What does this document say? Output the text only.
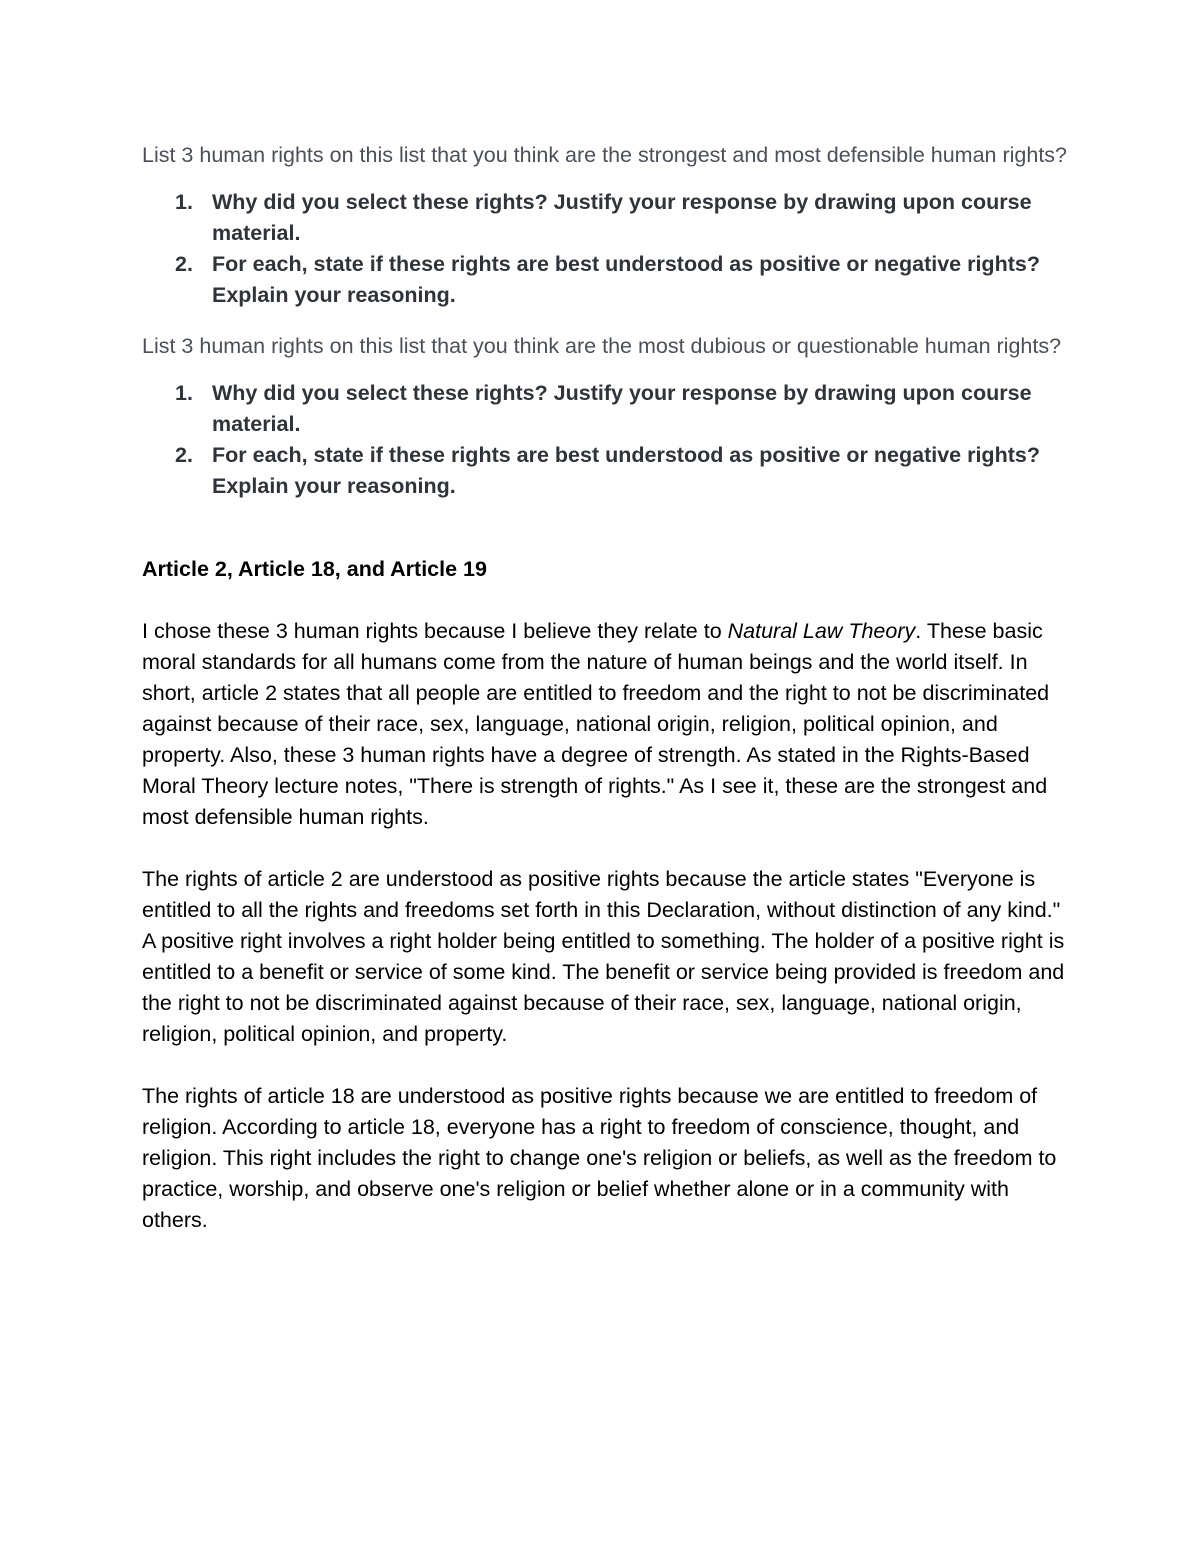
List 3 human rights on this list that you think are the strongest and most defensible human rights?

1. Why did you select these rights? Justify your response by drawing upon course material.
2. For each, state if these rights are best understood as positive or negative rights? Explain your reasoning.

List 3 human rights on this list that you think are the most dubious or questionable human rights?

1. Why did you select these rights? Justify your response by drawing upon course material.
2. For each, state if these rights are best understood as positive or negative rights? Explain your reasoning.

Article 2, Article 18, and Article 19

I chose these 3 human rights because I believe they relate to Natural Law Theory. These basic moral standards for all humans come from the nature of human beings and the world itself. In short, article 2 states that all people are entitled to freedom and the right to not be discriminated against because of their race, sex, language, national origin, religion, political opinion, and property. Also, these 3 human rights have a degree of strength. As stated in the Rights-Based Moral Theory lecture notes, "There is strength of rights." As I see it, these are the strongest and most defensible human rights.

The rights of article 2 are understood as positive rights because the article states "Everyone is entitled to all the rights and freedoms set forth in this Declaration, without distinction of any kind." A positive right involves a right holder being entitled to something. The holder of a positive right is entitled to a benefit or service of some kind. The benefit or service being provided is freedom and the right to not be discriminated against because of their race, sex, language, national origin, religion, political opinion, and property.

The rights of article 18 are understood as positive rights because we are entitled to freedom of religion. According to article 18, everyone has a right to freedom of conscience, thought, and religion. This right includes the right to change one's religion or beliefs, as well as the freedom to practice, worship, and observe one's religion or belief whether alone or in a community with others.
